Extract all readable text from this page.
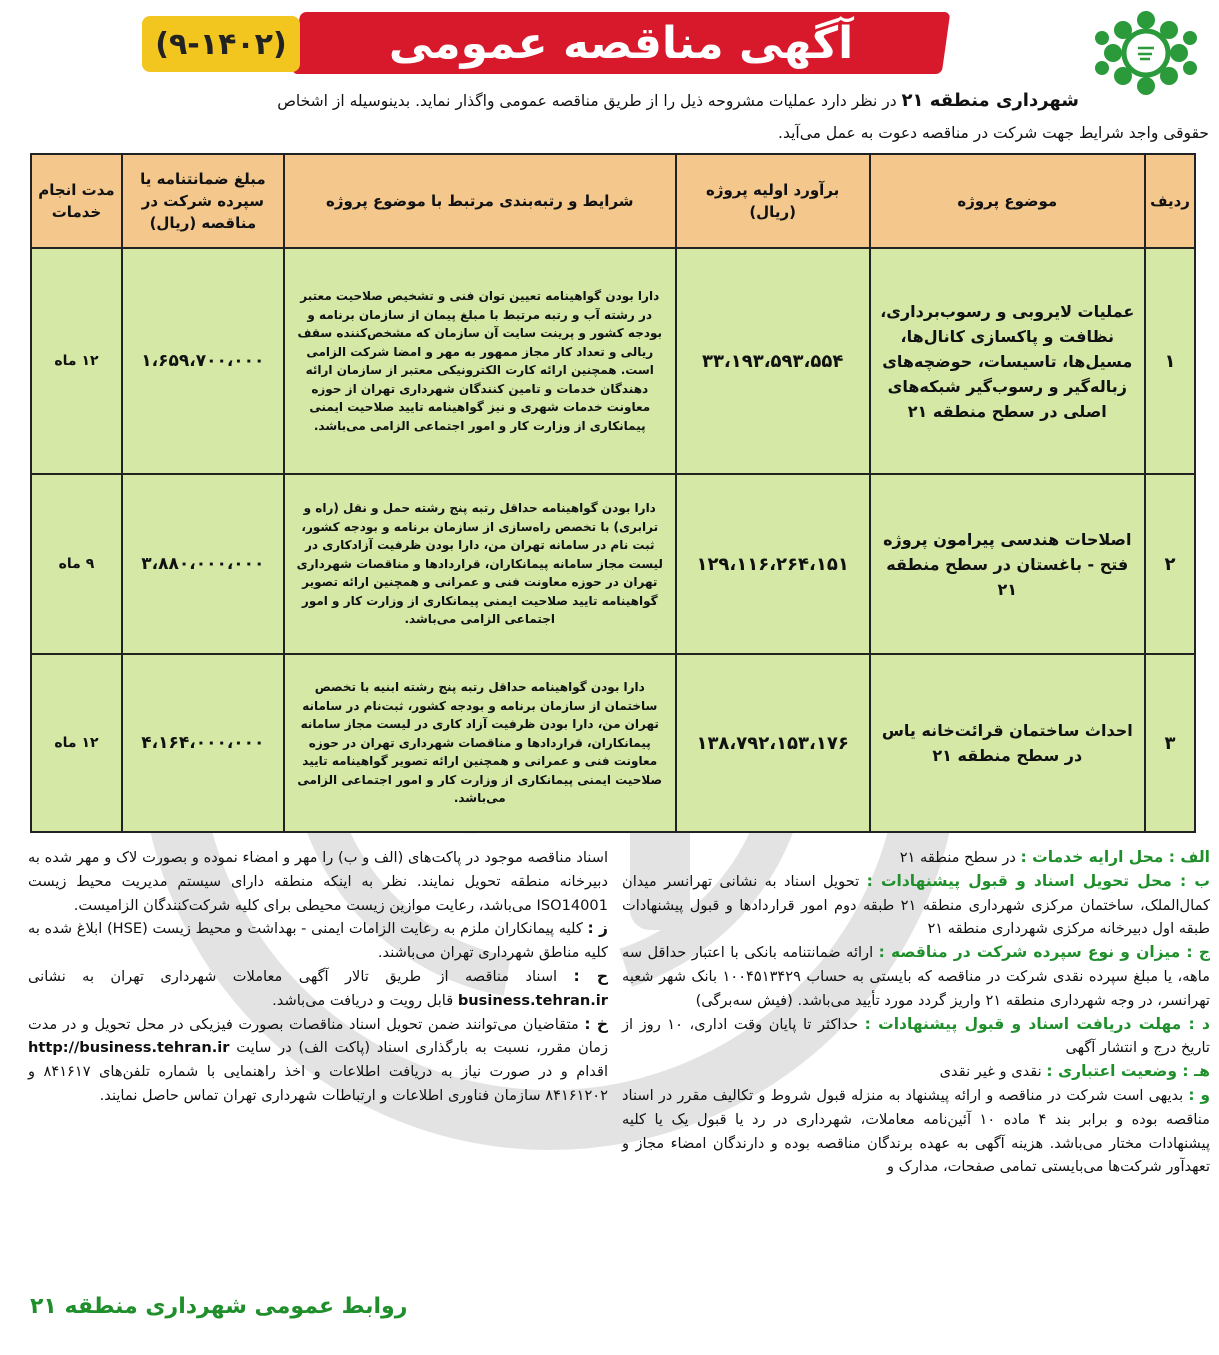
آگهی مناقصه عمومی
(۹-۱۴۰۲)
شهرداری منطقه ۲۱ در نظر دارد عملیات مشروحه ذیل را از طریق مناقصه عمومی واگذار نماید. بدینوسیله از اشخاص
حقوقی واجد شرایط جهت شرکت در مناقصه دعوت به عمل می‌آید.
ردیف	موضوع پروژه	برآورد اولیه پروژه (ریال)	شرایط و رتبه‌بندی مرتبط با موضوع پروژه	مبلغ ضمانتنامه یا سپرده شرکت در مناقصه (ریال)	مدت انجام خدمات
۱	عملیات لایروبی و رسوب‌برداری، نظافت و پاکسازی کانال‌ها، مسیل‌ها، تاسیسات، حوضچه‌های زباله‌گیر و رسوب‌گیر شبکه‌های اصلی در سطح منطقه ۲۱	۳۳،۱۹۳،۵۹۳،۵۵۴	دارا بودن گواهینامه تعیین توان فنی و تشخیص صلاحیت معتبر در رشته آب و رتبه مرتبط با مبلغ پیمان از سازمان برنامه و بودجه کشور و پرینت سایت آن سازمان که مشخص‌کننده سقف ریالی و تعداد کار مجاز ممهور به مهر و امضا شرکت الزامی است. همچنین ارائه کارت الکترونیکی معتبر از سازمان ارائه دهندگان خدمات و تامین کنندگان شهرداری تهران از حوزه معاونت خدمات شهری و نیز گواهینامه تایید صلاحیت ایمنی پیمانکاری از وزارت کار و امور اجتماعی الزامی می‌باشد.	۱،۶۵۹،۷۰۰،۰۰۰	۱۲ ماه
۲	اصلاحات هندسی پیرامون پروژه فتح - باغستان در سطح منطقه ۲۱	۱۲۹،۱۱۶،۲۶۴،۱۵۱	دارا بودن گواهینامه حداقل رتبه پنج رشته حمل و نقل (راه و ترابری) با تخصص راه‌سازی از سازمان برنامه و بودجه کشور، ثبت نام در سامانه تهران من، دارا بودن ظرفیت آزادکاری در لیست مجاز سامانه پیمانکاران، قراردادها و مناقصات شهرداری تهران در حوزه معاونت فنی و عمرانی و همچنین ارائه تصویر گواهینامه تایید صلاحیت ایمنی پیمانکاری از وزارت کار و امور اجتماعی الزامی می‌باشد.	۳،۸۸۰،۰۰۰،۰۰۰	۹ ماه
۳	احداث ساختمان قرائت‌خانه یاس در سطح منطقه ۲۱	۱۳۸،۷۹۲،۱۵۳،۱۷۶	دارا بودن گواهینامه حداقل رتبه پنج رشته ابنیه با تخصص ساختمان از سازمان برنامه و بودجه کشور، ثبت‌نام در سامانه تهران من، دارا بودن ظرفیت آزاد کاری در لیست مجاز سامانه پیمانکاران، قراردادها و مناقصات شهرداری تهران در حوزه معاونت فنی و عمرانی و همچنین ارائه تصویر گواهینامه تایید صلاحیت ایمنی پیمانکاری از وزارت کار و امور اجتماعی الزامی می‌باشد.	۴،۱۶۴،۰۰۰،۰۰۰	۱۲ ماه

الف : محل ارایه خدمات : در سطح منطقه ۲۱

ب : محل تحویل اسناد و قبول پیشنهادات : تحویل اسناد به نشانی تهرانسر میدان کمال‌الملک، ساختمان مرکزی شهرداری منطقه ۲۱ طبقه دوم امور قراردادها و قبول پیشنهادات طبقه اول دبیرخانه مرکزی شهرداری منطقه ۲۱

ج : میزان و نوع سپرده شرکت در مناقصه : ارائه ضمانتنامه بانکی با اعتبار حداقل سه ماهه، یا مبلغ سپرده نقدی شرکت در مناقصه که بایستی به حساب ۱۰۰۴۵۱۳۴۲۹ بانک شهر شعبه تهرانسر، در وجه شهرداری منطقه ۲۱ واریز گردد مورد تأیید می‌باشد. (فیش سه‌برگی)

د : مهلت دریافت اسناد و قبول پیشنهادات : حداکثر تا پایان وقت اداری، ۱۰ روز از تاریخ درج و انتشار آگهی

هـ : وضعیت اعتباری : نقدی و غیر نقدی

و : بدیهی است شرکت در مناقصه و ارائه پیشنهاد به منزله قبول شروط و تکالیف مقرر در اسناد مناقصه بوده و برابر بند ۴ ماده ۱۰ آئین‌نامه معاملات، شهرداری در رد یا قبول یک یا کلیه پیشنهادات مختار می‌باشد. هزینه آگهی به عهده برندگان مناقصه بوده و دارندگان امضاء مجاز و تعهدآور شرکت‌ها می‌بایستی تمامی صفحات، مدارک و

اسناد مناقصه موجود در پاکت‌های (الف و ب) را مهر و امضاء نموده و بصورت لاک و مهر شده به دبیرخانه منطقه تحویل نمایند. نظر به اینکه منطقه دارای سیستم مدیریت محیط زیست ISO14001 می‌باشد، رعایت موازین زیست محیطی برای کلیه شرکت‌کنندگان الزامیست.

ز : کلیه پیمانکاران ملزم به رعایت الزامات ایمنی - بهداشت و محیط زیست (HSE) ابلاغ شده به کلیه مناطق شهرداری تهران می‌باشند.

ح : اسناد مناقصه از طریق تالار آگهی معاملات شهرداری تهران به نشانی business.tehran.ir قابل رویت و دریافت می‌باشد.

خ : متقاضیان می‌توانند ضمن تحویل اسناد مناقصات بصورت فیزیکی در محل تحویل و در مدت زمان مقرر، نسبت به بارگذاری اسناد (پاکت الف) در سایت http://business.tehran.ir اقدام و در صورت نیاز به دریافت اطلاعات و اخذ راهنمایی با شماره تلفن‌های ۸۴۱۶۱۷ و ۸۴۱۶۱۲۰۲ سازمان فناوری اطلاعات و ارتباطات شهرداری تهران تماس حاصل نمایند.

روابط عمومی شهرداری منطقه ۲۱
